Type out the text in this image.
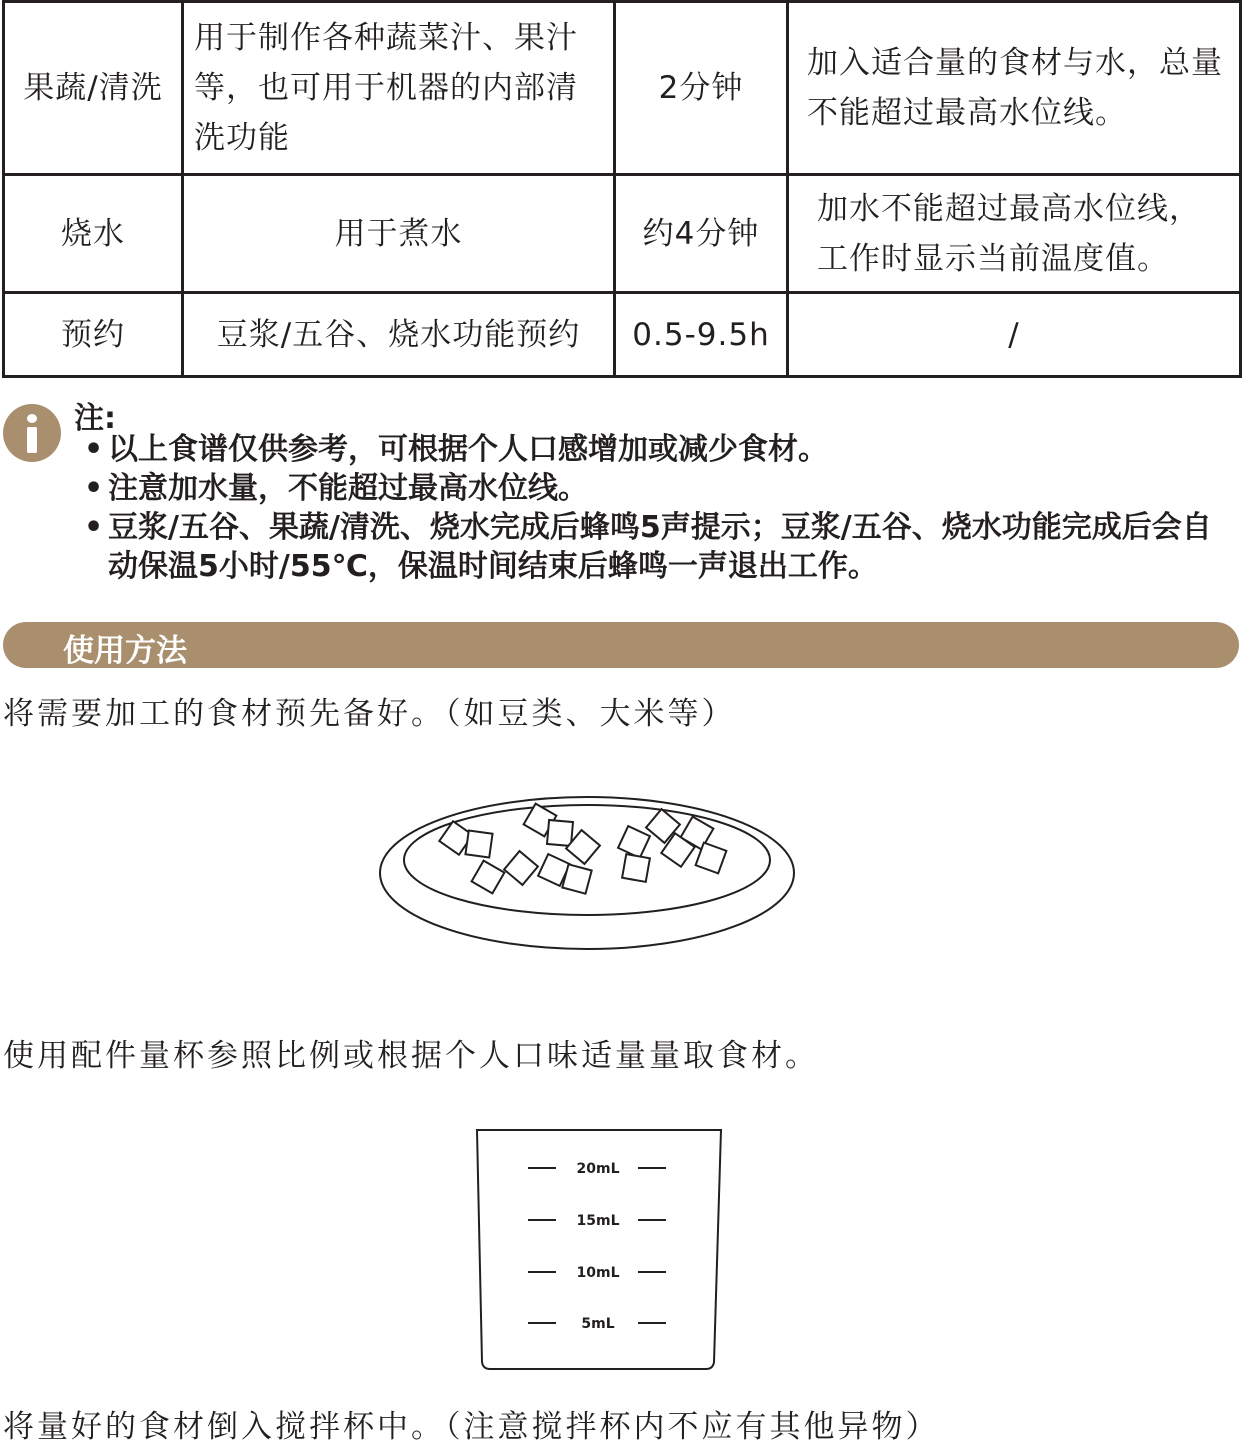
果蔬/清洗	用于制作各种蔬菜汁、果汁等，也可用于机器的内部清洗功能	2分钟	加入适合量的食材与水，总量不能超过最高水位线。
烧水	用于煮水	约4分钟	加水不能超过最高水位线，工作时显示当前温度值。
预约	豆浆/五谷、烧水功能预约	0.5-9.5h	/
注:
• 以上食谱仅供参考，可根据个人口感增加或减少食材。
• 注意加水量，不能超过最高水位线。
• 豆浆/五谷、果蔬/清洗、烧水完成后蜂鸣5声提示；豆浆/五谷、烧水功能完成后会自动保温5小时/55℃，保温时间结束后蜂鸣一声退出工作。
使用方法
将需要加工的食材预先备好。（如豆类、大米等）
使用配件量杯参照比例或根据个人口味适量量取食材。
20mL
15mL
10mL
5mL
将量好的食材倒入搅拌杯中。（注意搅拌杯内不应有其他异物）
